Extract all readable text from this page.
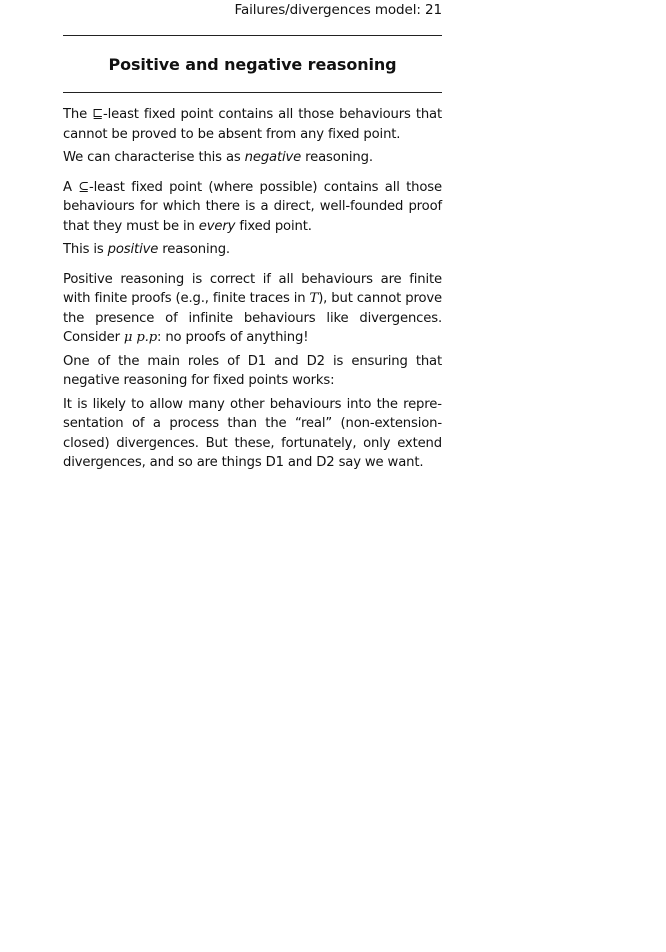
Failures/divergences model: 21
Positive and negative reasoning

The ⊑-least fixed point contains all those behaviours that cannot be proved to be absent from any fixed point.

We can characterise this as negative reasoning.

A ⊆-least fixed point (where possible) contains all those behaviours for which there is a direct, well-founded proof that they must be in every fixed point.

This is positive reasoning.

Positive reasoning is correct if all behaviours are finite with finite proofs (e.g., finite traces in T), but cannot prove the presence of infinite behaviours like divergences. Consider μ p.p: no proofs of anything!

One of the main roles of D1 and D2 is ensuring that negative reasoning for fixed points works:

It is likely to allow many other behaviours into the representation of a process than the “real” (non-extension-closed) divergences. But these, fortunately, only extend divergences, and so are things D1 and D2 say we want.
